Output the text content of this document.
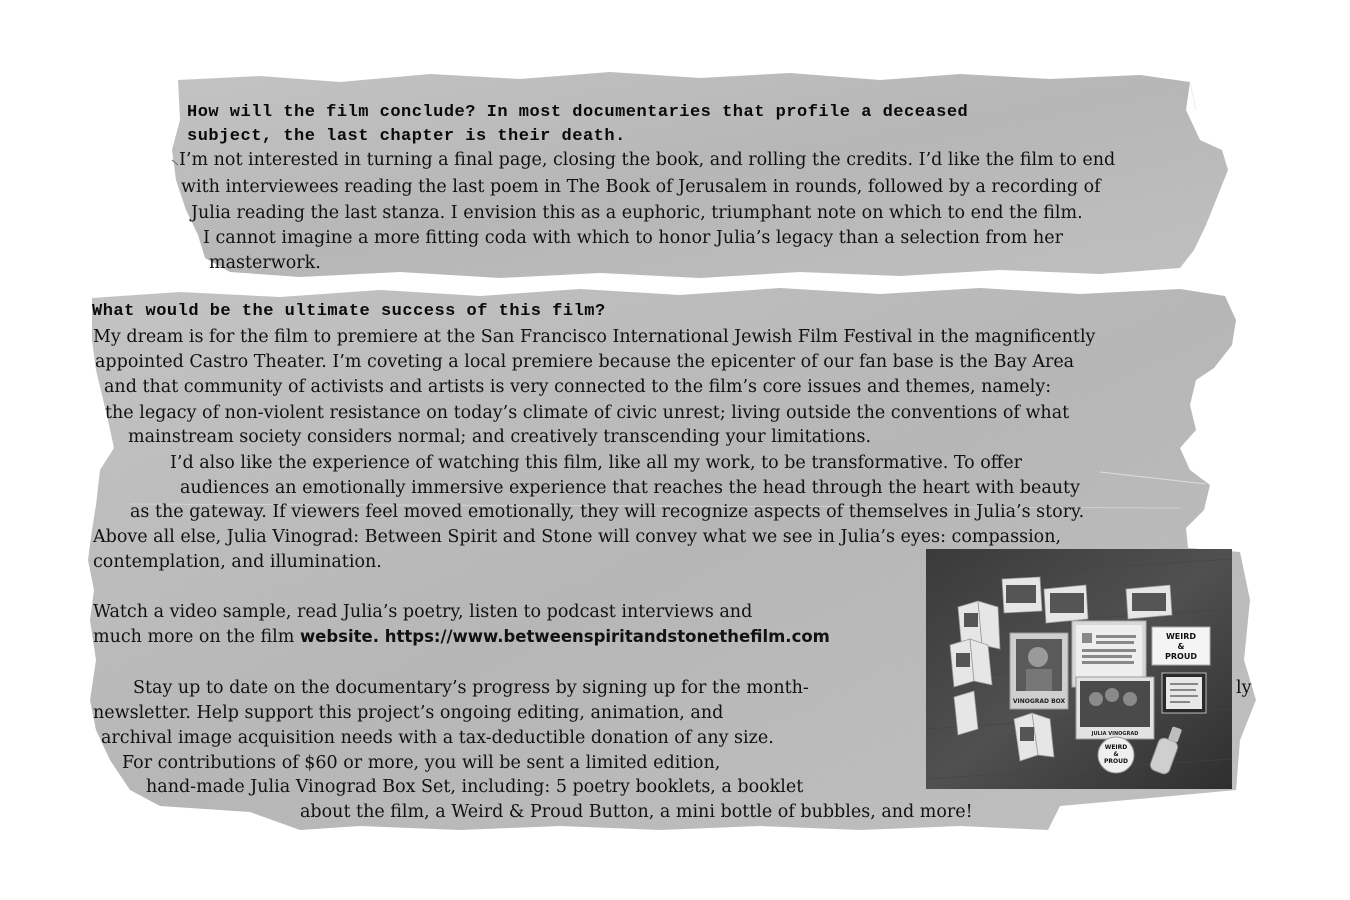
How will the film conclude? In most documentaries that profile a deceased
subject, the last chapter is their death.
I’m not interested in turning a final page, closing the book, and rolling the credits. I’d like the film to end
with interviewees reading the last poem in The Book of Jerusalem in rounds, followed by a recording of
Julia reading the last stanza. I envision this as a euphoric, triumphant note on which to end the film.
I cannot imagine a more fitting coda with which to honor Julia’s legacy than a selection from her
masterwork.
What would be the ultimate success of this film?
My dream is for the film to premiere at the San Francisco International Jewish Film Festival in the magnificently
appointed Castro Theater. I’m coveting a local premiere because the epicenter of our fan base is the Bay Area
and that community of activists and artists is very connected to the film’s core issues and themes, namely:
the legacy of non-violent resistance on today’s climate of civic unrest; living outside the conventions of what
mainstream society considers normal; and creatively transcending your limitations.
I’d also like the experience of watching this film, like all my work, to be transformative. To offer
audiences an emotionally immersive experience that reaches the head through the heart with beauty
as the gateway. If viewers feel moved emotionally, they will recognize aspects of themselves in Julia’s story.
Above all else, Julia Vinograd: Between Spirit and Stone will convey what we see in Julia’s eyes: compassion,
contemplation, and illumination.
Watch a video sample, read Julia’s poetry, listen to podcast interviews and
much more on the film website. https://www.betweenspiritandstonethefilm.com
Stay up to date on the documentary’s progress by signing up for the month-	ly
newsletter. Help support this project’s ongoing editing, animation, and
archival image acquisition needs with a tax-deductible donation of any size.
For contributions of $60 or more, you will be sent a limited edition,
hand-made Julia Vinograd Box Set, including: 5 poetry booklets, a booklet
about the film, a Weird & Proud Button, a mini bottle of bubbles, and more!
VINOGRAD BOX
JULIA VINOGRAD
WEIRD
&
PROUD
WEIRD
&
PROUD
